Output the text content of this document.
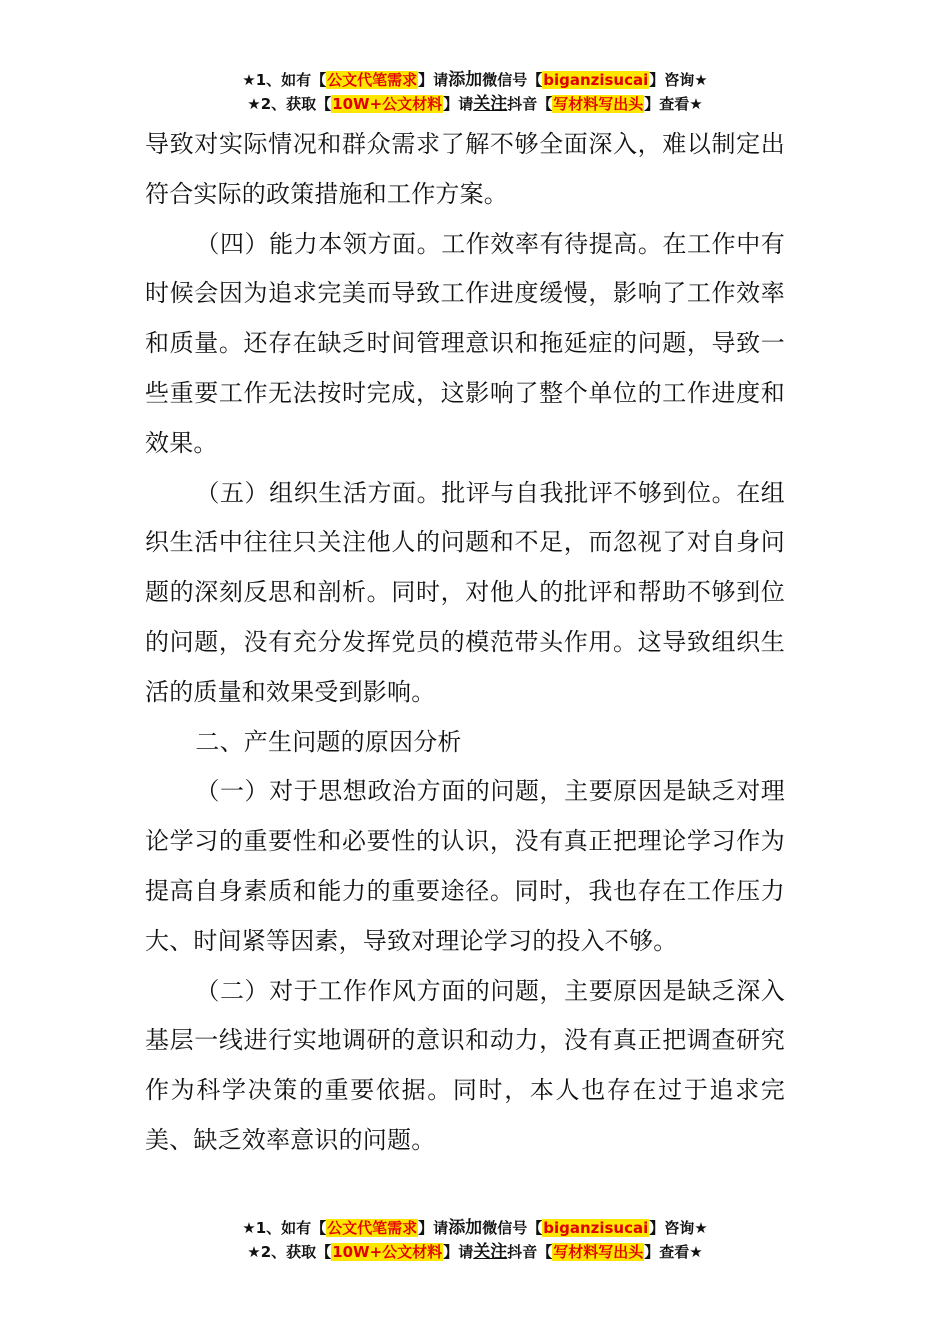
★1、如有【公文代笔需求】请添加微信号【biganzisucai】咨询★
★2、获取【10W+公文材料】请关注抖音【写材料写出头】查看★

导致对实际情况和群众需求了解不够全面深入，难以制定出符合实际的政策措施和工作方案。

（四）能力本领方面。工作效率有待提高。在工作中有时候会因为追求完美而导致工作进度缓慢，影响了工作效率和质量。还存在缺乏时间管理意识和拖延症的问题，导致一些重要工作无法按时完成，这影响了整个单位的工作进度和效果。

（五）组织生活方面。批评与自我批评不够到位。在组织生活中往往只关注他人的问题和不足，而忽视了对自身问题的深刻反思和剖析。同时，对他人的批评和帮助不够到位的问题，没有充分发挥党员的模范带头作用。这导致组织生活的质量和效果受到影响。

二、产生问题的原因分析

（一）对于思想政治方面的问题，主要原因是缺乏对理论学习的重要性和必要性的认识，没有真正把理论学习作为提高自身素质和能力的重要途径。同时，我也存在工作压力大、时间紧等因素，导致对理论学习的投入不够。

（二）对于工作作风方面的问题，主要原因是缺乏深入基层一线进行实地调研的意识和动力，没有真正把调查研究作为科学决策的重要依据。同时，本人也存在过于追求完美、缺乏效率意识的问题。

★1、如有【公文代笔需求】请添加微信号【biganzisucai】咨询★
★2、获取【10W+公文材料】请关注抖音【写材料写出头】查看★
